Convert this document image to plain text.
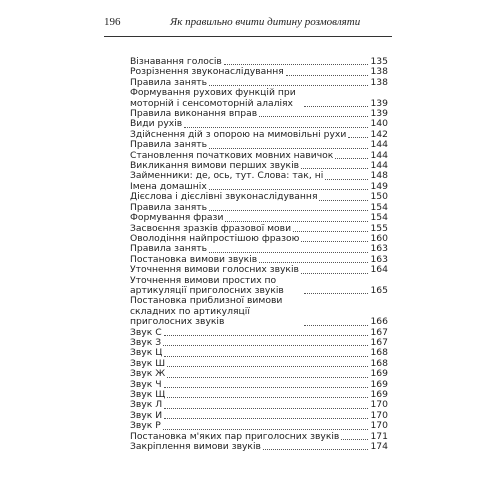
196	Як правильно вчити дитину розмовляти
Візнавання голосів	135
Розрізнення звуконаслідування	138
Правила занять	138
Формування рухових функцій при моторній і сенсомоторній алаліях	139
Правила виконання вправ	139
Види рухів	140
Здійснення дій з опорою на мимовільні рухи	142
Правила занять	144
Становлення початкових мовних навичок	144
Викликання вимови перших звуків	144
Займенники: де, ось, тут. Слова: так, ні	148
Імена домашніх	149
Дієслова і дієслівні звуконаслідування	150
Правила занять	154
Формування фрази	154
Засвоєння зразків фразової мови	155
Оволодіння найпростішою фразою	160
Правила занять	163
Постановка вимови звуків	163
Уточнення вимови голосних звуків	164
Уточнення вимови простих по артикуляції приголосних звуків	165
Постановка приблизної вимови складних по артикуляції приголосних звуків	166
Звук С	167
Звук З	167
Звук Ц	168
Звук Ш	168
Звук Ж	169
Звук Ч	169
Звук Щ	169
Звук Л	170
Звук Й	170
Звук Р	170
Постановка м'яких пар приголосних звуків	171
Закріплення вимови звуків	174
